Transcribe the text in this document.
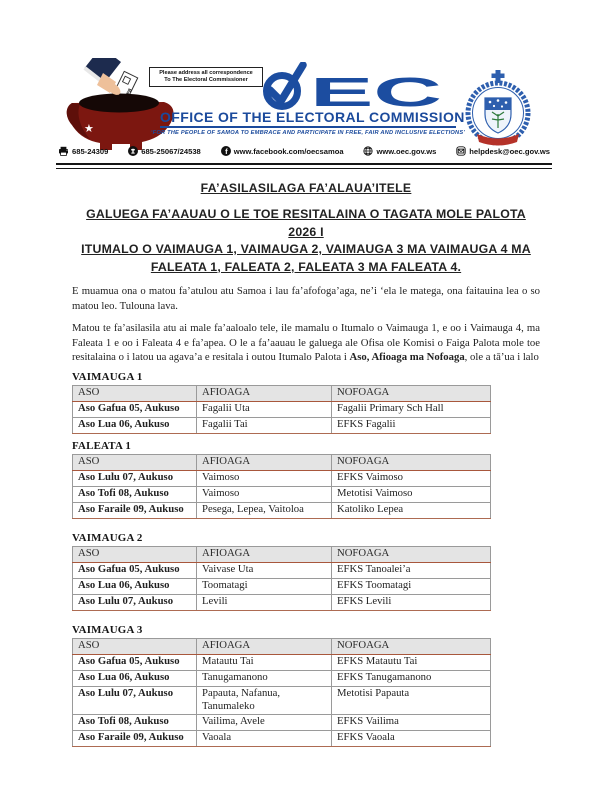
★
Please address all correspondence
To The Electoral Commissioner	EC
OFFICE OF THE ELECTORAL COMMISSION
‘FOR THE PEOPLE OF SAMOA TO EMBRACE AND PARTICIPATE IN FREE, FAIR AND INCLUSIVE ELECTIONS’
685-24309	685-25067/24538	f www.facebook.com/oecsamoa	www.oec.gov.ws	helpdesk@oec.gov.ws
FA’ASILASILAGA FA’ALAUA’ITELE
GALUEGA FA’AAUAU O LE TOE RESITALAINA O TAGATA MOLE PALOTA 2026 I
ITUMALO O VAIMAUGA 1, VAIMAUGA 2, VAIMAUGA 3 MA VAIMAUGA 4 MA
FALEATA 1, FALEATA 2, FALEATA 3 MA FALEATA 4.

E muamua ona o matou fa’atulou atu Samoa i lau fa’afofoga’aga, ne’i ‘ela le matega, ona faitauina lea o so matou leo. Tulouna lava.

Matou te fa’asilasila atu ai male fa’aaloalo tele, ile mamalu o Itumalo o Vaimauga 1, e oo i Vaimauga 4, ma Faleata 1 e oo i Faleata 4 e fa’apea. O le a fa’aauau le galuega ale Ofisa ole Komisi o Faiga Palota mole toe resitalaina o i latou ua agava’a e resitala i outou Itumalo Palota i Aso, Afioaga ma Nofoaga, ole a tā’ua i lalo

VAIMAUGA 1
ASO	AFIOAGA	NOFOAGA
Aso Gafua 05, Aukuso	Fagalii Uta	Fagalii Primary Sch Hall
Aso Lua 06, Aukuso	Fagalii Tai	EFKS Fagalii
FALEATA 1
ASO	AFIOAGA	NOFOAGA
Aso Lulu 07, Aukuso	Vaimoso	EFKS Vaimoso
Aso Tofi 08, Aukuso	Vaimoso	Metotisi Vaimoso
Aso Faraile 09, Aukuso	Pesega, Lepea, Vaitoloa	Katoliko Lepea
VAIMAUGA 2
ASO	AFIOAGA	NOFOAGA
Aso Gafua 05, Aukuso	Vaivase Uta	EFKS Tanoalei’a
Aso Lua 06, Aukuso	Toomatagi	EFKS Toomatagi
Aso Lulu 07, Aukuso	Levili	EFKS Levili
VAIMAUGA 3
ASO	AFIOAGA	NOFOAGA
Aso Gafua 05, Aukuso	Matautu Tai	EFKS Matautu Tai
Aso Lua 06, Aukuso	Tanugamanono	EFKS Tanugamanono
Aso Lulu 07, Aukuso	Papauta, Nafanua, Tanumaleko	Metotisi Papauta
Aso Tofi 08, Aukuso	Vailima, Avele	EFKS Vailima
Aso Faraile 09, Aukuso	Vaoala	EFKS Vaoala
